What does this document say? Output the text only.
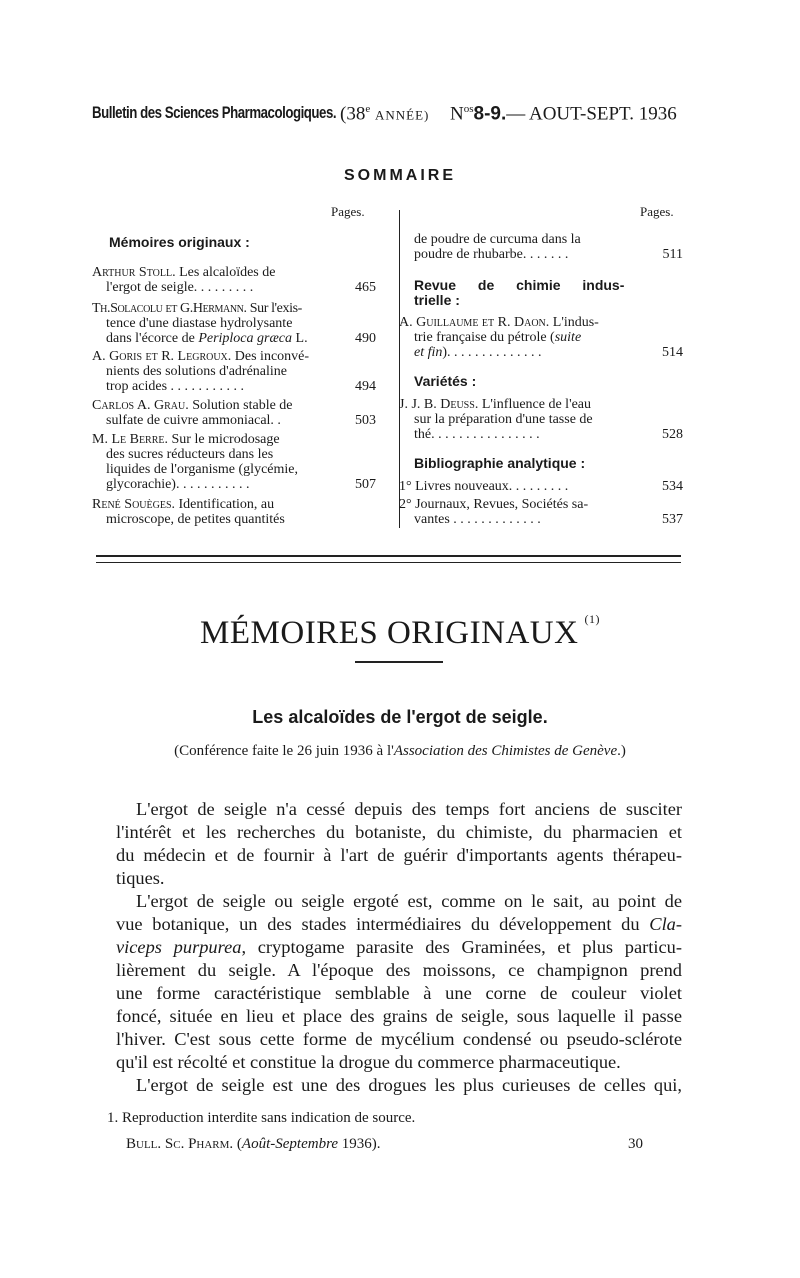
Bulletin des Sciences Pharmacologiques. (38e ANNÉE) $N^{os}8-9.—$ AOUT-SEPT. 1936
SOMMAIRE
Pages.	Pages.
Mémoires originaux :
Arthur Stoll. Les alcaloïdes de
l'ergot de seigle. . . . . . . . .	465
Th.Solacolu et G.Hermann. Sur l'exis-
tence d'une diastase hydrolysante
dans l'écorce de Periploca græca L.	490
A. Goris et R. Legroux. Des inconvé-
nients des solutions d'adrénaline
trop acides . . . . . . . . . . .	494
Carlos A. Grau. Solution stable de
sulfate de cuivre ammoniacal. .	503
M. Le Berre. Sur le microdosage
des sucres réducteurs dans les
liquides de l'organisme (glycémie,
glycorachie). . . . . . . . . . .	507
René Souèges. Identification, au
microscope, de petites quantités
de poudre de curcuma dans la
poudre de rhubarbe. . . . . . .	511
Revue de chimie indus-
trielle :
A. Guillaume et R. Daon. L'indus-
trie française du pétrole (suite
et fin). . . . . . . . . . . . . .	514
Variétés :
J. J. B. Deuss. L'influence de l'eau
sur la préparation d'une tasse de
thé. . . . . . . . . . . . . . . .	528
Bibliographie analytique :
1° Livres nouveaux. . . . . . . . .	534
2° Journaux, Revues, Sociétés sa-
vantes . . . . . . . . . . . . .	537
MÉMOIRES ORIGINAUX $^{(1)}$
Les alcaloïdes de l'ergot de seigle.
(Conférence faite le 26 juin 1936 à l'Association des Chimistes de Genève.)
L'ergot de seigle n'a cessé depuis des temps fort anciens de susciter
l'intérêt et les recherches du botaniste, du chimiste, du pharmacien et
du médecin et de fournir à l'art de guérir d'importants agents thérapeu-
tiques.
L'ergot de seigle ou seigle ergoté est, comme on le sait, au point de
vue botanique, un des stades intermédiaires du développement du Cla-
viceps purpurea, cryptogame parasite des Graminées, et plus particu-
lièrement du seigle. A l'époque des moissons, ce champignon prend
une forme caractéristique semblable à une corne de couleur violet
foncé, située en lieu et place des grains de seigle, sous laquelle il passe
l'hiver. C'est sous cette forme de mycélium condensé ou pseudo-sclérote
qu'il est récolté et constitue la drogue du commerce pharmaceutique.
L'ergot de seigle est une des drogues les plus curieuses de celles qui,
1. Reproduction interdite sans indication de source.
Bull. Sc. Pharm. (Août-Septembre 1936).	30
